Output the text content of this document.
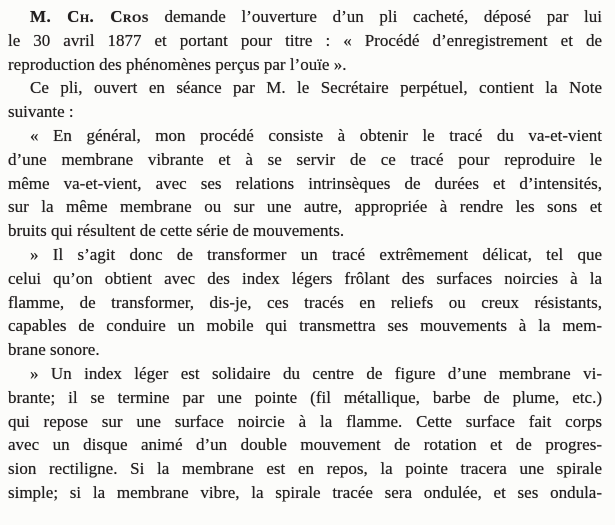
M. Ch. Cros demande l’ouverture d’un pli cacheté, déposé par lui
le 30 avril 1877 et portant pour titre : « Procédé d’enregistrement et de
reproduction des phénomènes perçus par l’ouïe ».
Ce pli, ouvert en séance par M. le Secrétaire perpétuel, contient la Note
suivante :
« En général, mon procédé consiste à obtenir le tracé du va-et-vient
d’une membrane vibrante et à se servir de ce tracé pour reproduire le
même va-et-vient, avec ses relations intrinsèques de durées et d’intensités,
sur la même membrane ou sur une autre, appropriée à rendre les sons et
bruits qui résultent de cette série de mouvements.
» Il s’agit donc de transformer un tracé extrêmement délicat, tel que
celui qu’on obtient avec des index légers frôlant des surfaces noircies à la
flamme, de transformer, dis-je, ces tracés en reliefs ou creux résistants,
capables de conduire un mobile qui transmettra ses mouvements à la mem-
brane sonore.
» Un index léger est solidaire du centre de figure d’une membrane vi-
brante; il se termine par une pointe (fil métallique, barbe de plume, etc.)
qui repose sur une surface noircie à la flamme. Cette surface fait corps
avec un disque animé d’un double mouvement de rotation et de progres-
sion rectiligne. Si la membrane est en repos, la pointe tracera une spirale
simple; si la membrane vibre, la spirale tracée sera ondulée, et ses ondula-
